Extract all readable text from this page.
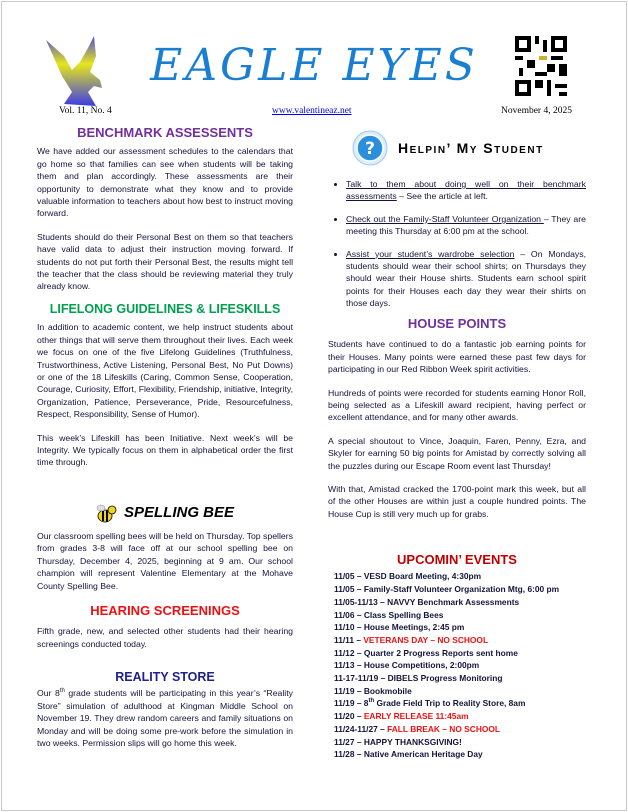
EAGLE EYES
Vol. 11, No. 4	www.valentineaz.net	November 4, 2025
BENCHMARK ASSESSENTS

We have added our assessment schedules to the calendars that go home so that families can see when students will be taking them and plan accordingly. These assessments are their opportunity to demonstrate what they know and to provide valuable information to teachers about how best to instruct moving forward.

Students should do their Personal Best on them so that teachers have valid data to adjust their instruction moving forward. If students do not put forth their Personal Best, the results might tell the teacher that the class should be reviewing material they truly already know.

LIFELONG GUIDELINES & LIFESKILLS

In addition to academic content, we help instruct students about other things that will serve them throughout their lives. Each week we focus on one of the five Lifelong Guidelines (Truthfulness, Trustworthiness, Active Listening, Personal Best, No Put Downs) or one of the 18 Lifeskills (Caring, Common Sense, Cooperation, Courage, Curiosity, Effort, Flexibility, Friendship, initiative, Integrity, Organization, Patience, Perseverance, Pride, Resourcefulness, Respect, Responsibility, Sense of Humor).

This week’s Lifeskill has been Initiative. Next week’s will be Integrity. We typically focus on them in alphabetical order the first time through.

SPELLING BEE

Our classroom spelling bees will be held on Thursday. Top spellers from grades 3-8 will face off at our school spelling bee on Thursday, December 4, 2025, beginning at 9 am. Our school champion will represent Valentine Elementary at the Mohave County Spelling Bee.

HEARING SCREENINGS

Fifth grade, new, and selected other students had their hearing screenings conducted today.

REALITY STORE

Our 8th grade students will be participating in this year’s “Reality Store” simulation of adulthood at Kingman Middle School on November 19. They drew random careers and family situations on Monday and will be doing some pre-work before the simulation in two weeks. Permission slips will go home this week.

? Helpin’ My Student
• Talk to them about doing well on their benchmark assessments – See the article at left.
• Check out the Family-Staff Volunteer Organization – They are meeting this Thursday at 6:00 pm at the school.
• Assist your student’s wardrobe selection – On Mondays, students should wear their school shirts; on Thursdays they should wear their House shirts. Students earn school spirit points for their Houses each day they wear their shirts on those days.
HOUSE POINTS

Students have continued to do a fantastic job earning points for their Houses. Many points were earned these past few days for participating in our Red Ribbon Week spirit activities.

Hundreds of points were recorded for students earning Honor Roll, being selected as a Lifeskill award recipient, having perfect or excellent attendance, and for many other awards.

A special shoutout to Vince, Joaquin, Faren, Penny, Ezra, and Skyler for earning 50 big points for Amistad by correctly solving all the puzzles during our Escape Room event last Thursday!

With that, Amistad cracked the 1700-point mark this week, but all of the other Houses are within just a couple hundred points. The House Cup is still very much up for grabs.

UPCOMIN’ EVENTS
11/05 – VESD Board Meeting, 4:30pm
11/05 – Family-Staff Volunteer Organization Mtg, 6:00 pm
11/05-11/13 – NAVVY Benchmark Assessments
11/06 – Class Spelling Bees
11/10 – House Meetings, 2:45 pm
11/11 – VETERANS DAY – NO SCHOOL
11/12 – Quarter 2 Progress Reports sent home
11/13 – House Competitions, 2:00pm
11-17-11/19 – DIBELS Progress Monitoring
11/19 – Bookmobile
11/19 – 8th Grade Field Trip to Reality Store, 8am
11/20 – EARLY RELEASE 11:45am
11/24-11/27 – FALL BREAK – NO SCHOOL
11/27 – HAPPY THANKSGIVING!
11/28 – Native American Heritage Day
